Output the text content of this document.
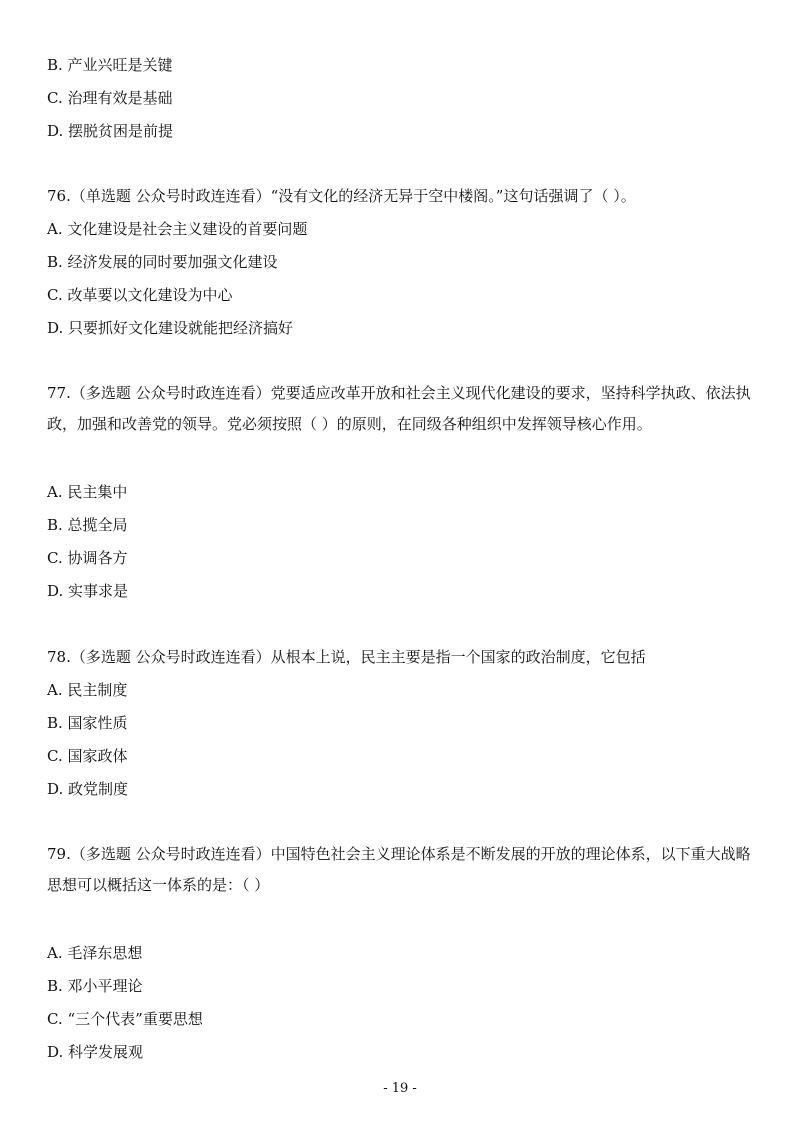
B. 产业兴旺是关键
C. 治理有效是基础
D. 摆脱贫困是前提
76.（单选题 公众号时政连连看）“没有文化的经济无异于空中楼阁。”这句话强调了（ ）。
A. 文化建设是社会主义建设的首要问题
B. 经济发展的同时要加强文化建设
C. 改革要以文化建设为中心
D. 只要抓好文化建设就能把经济搞好
77.（多选题 公众号时政连连看）党要适应改革开放和社会主义现代化建设的要求，坚持科学执政、依法执政，加强和改善党的领导。党必须按照（ ）的原则，在同级各种组织中发挥领导核心作用。
A. 民主集中
B. 总揽全局
C. 协调各方
D. 实事求是
78.（多选题 公众号时政连连看）从根本上说，民主主要是指一个国家的政治制度，它包括
A. 民主制度
B. 国家性质
C. 国家政体
D. 政党制度
79.（多选题 公众号时政连连看）中国特色社会主义理论体系是不断发展的开放的理论体系，以下重大战略思想可以概括这一体系的是：（ ）
A. 毛泽东思想
B. 邓小平理论
C. “三个代表”重要思想
D. 科学发展观
- 19 -
